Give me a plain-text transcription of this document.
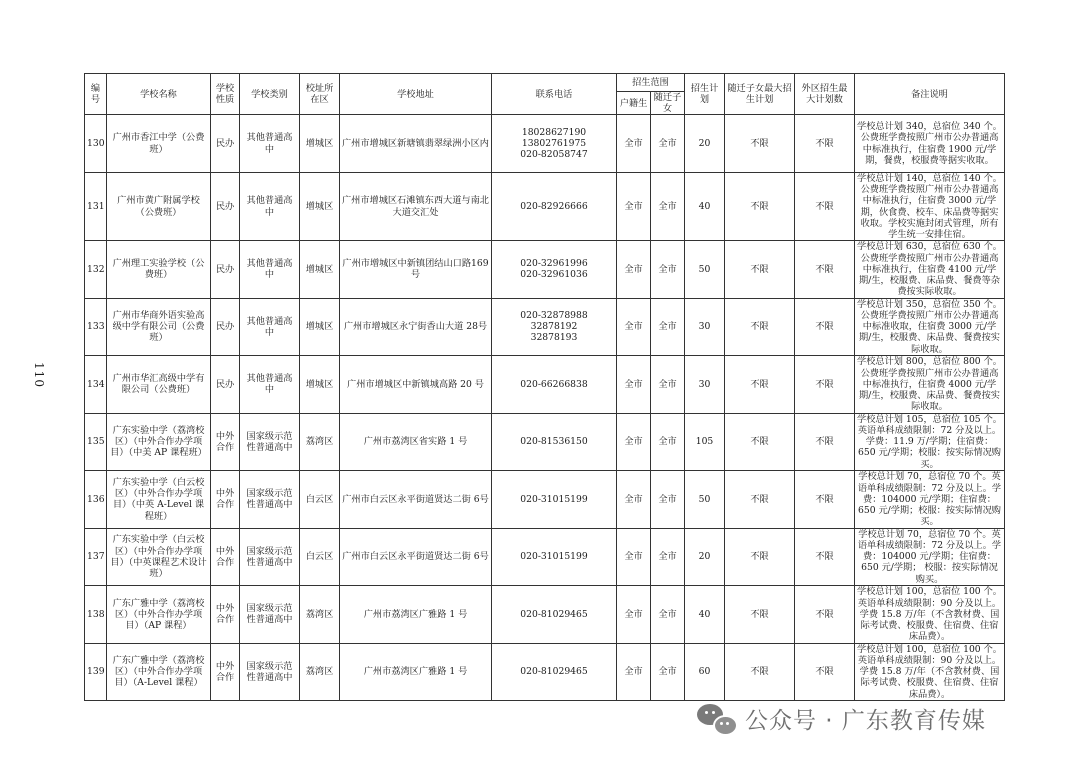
110
编号	学校名称	学校性质	学校类别	校址所在区	学校地址	联系电话	招生范围		招生计划	随迁子女最大招生计划	外区招生最大计划数	备注说明
							户籍生	随迁子女				
130	广州市香江中学（公费班）	民办	其他普通高中	增城区	广州市增城区新塘镇翡翠绿洲小区内	18028627190
13802761975
020-82058747	全市	全市	20	不限	不限	学校总计划 340，总宿位 340 个。公费班学费按照广州市公办普通高中标准执行，住宿费 1900 元/学期，餐费，校服费等据实收取。
131	广州市黄广附属学校（公费班）	民办	其他普通高中	增城区	广州市增城区石滩镇东西大道与南北大道交汇处	020-82926666	全市	全市	40	不限	不限	学校总计划 140，总宿位 140 个。公费班学费按照广州市公办普通高中标准执行，住宿费 3000 元/学期，伙食费、校车、床品费等据实收取。学校实施封闭式管理，所有学生统一安排住宿。
132	广州理工实验学校（公费班）	民办	其他普通高中	增城区	广州市增城区中新镇团结山口路169 号	020-32961996
020-32961036	全市	全市	50	不限	不限	学校总计划 630，总宿位 630 个。公费班学费按照广州市公办普通高中标准执行，住宿费 4100 元/学期/生，校服费、床品费、餐费等杂费按实际收取。
133	广州市华商外语实验高级中学有限公司（公费班）	民办	其他普通高中	增城区	广州市增城区永宁街香山大道 28号	020-32878988
32878192
32878193	全市	全市	30	不限	不限	学校总计划 350，总宿位 350 个。公费班学费按照广州市公办普通高中标准收取，住宿费 3000 元/学期/生，校服费、床品费、餐费按实际收取。
134	广州市华汇高级中学有限公司（公费班）	民办	其他普通高中	增城区	广州市增城区中新镇城高路 20 号	020-66266838	全市	全市	30	不限	不限	学校总计划 800，总宿位 800 个。公费班学费按照广州市公办普通高中标准执行，住宿费 4000 元/学期/生，校服费、床品费、餐费按实际收取。
135	广东实验中学（荔湾校区）（中外合作办学项目）（中美 AP 课程班）	中外合作	国家级示范性普通高中	荔湾区	广州市荔湾区省实路 1 号	020-81536150	全市	全市	105	不限	不限	学校总计划 105，总宿位 105 个。英语单科成绩限制：72 分及以上。学费：11.9 万/学期；住宿费：650 元/学期；校服：按实际情况购买。
136	广东实验中学（白云校区）（中外合作办学项目）（中英 A-Level 课程班）	中外合作	国家级示范性普通高中	白云区	广州市白云区永平街道贤达二街 6号	020-31015199	全市	全市	50	不限	不限	学校总计划 70，总宿位 70 个。英语单科成绩限制：72 分及以上。学费：104000 元/学期；住宿费：650 元/学期；校服：按实际情况购买。
137	广东实验中学（白云校区）（中外合作办学项目）（中英课程艺术设计班）	中外合作	国家级示范性普通高中	白云区	广州市白云区永平街道贤达二街 6号	020-31015199	全市	全市	20	不限	不限	学校总计划 70，总宿位 70 个。英语单科成绩限制：72 分及以上。学费：104000 元/学期；住宿费：650 元/学期； 校服：按实际情况购买。
138	广东广雅中学（荔湾校区）（中外合作办学项目）（AP 课程）	中外合作	国家级示范性普通高中	荔湾区	广州市荔湾区广雅路 1 号	020-81029465	全市	全市	40	不限	不限	学校总计划 100，总宿位 100 个。英语单科成绩限制：90 分及以上。学费 15.8 万/年（不含教材费、国际考试费、校服费、住宿费、住宿床品费）。
139	广东广雅中学（荔湾校区）（中外合作办学项目）（A-Level 课程）	中外合作	国家级示范性普通高中	荔湾区	广州市荔湾区广雅路 1 号	020-81029465	全市	全市	60	不限	不限	学校总计划 100，总宿位 100 个。英语单科成绩限制：90 分及以上。学费 15.8 万/年（不含教材费、国际考试费、校服费、住宿费、住宿床品费）。
公众号 · 广东教育传媒
